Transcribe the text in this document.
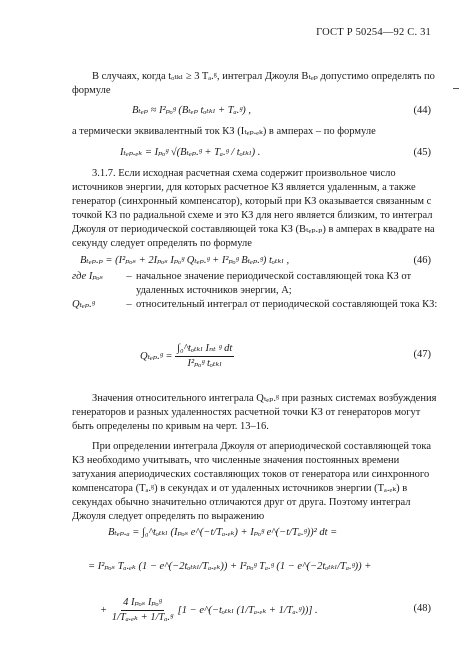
ГОСТ Р 50254—92 С. 31
В случаях, когда tₒₜₖₗ ≥ 3 Tₐ.ᵍ, интеграл Джоуля Bₜₑₚ допустимо определять по формуле
Bₜₑₚ ≈ I²ₚₒᵍ (Bₜₑₚ tₒₜₖₗ + Tₐ.ᵍ) ,	(44)
а термически эквивалентный ток КЗ (Iₜₑₚ.ₑₖ) в амперах – по формуле
Iₜₑₚ.ₑₖ = Iₚₒᵍ √(Bₜₑₚ.ᵍ + Tₐ.ᵍ / tₒₜₖₗ) .	(45)
3.1.7. Если исходная расчетная схема содержит произвольное число источников энергии, для которых расчетное КЗ является удаленным, а также генератор (синхронный компенсатор), который при КЗ оказывается связанным с точкой КЗ по радиальной схеме и это КЗ для него является близким, то интеграл Джоуля от периодической составляющей тока КЗ (Bₜₑₚ.ₚ) в амперах в квадрате на секунду следует определять по формуле
Bₜₑₚ.ₚ = (I²ₚₒₛ + 2Iₚₒₛ Iₚₒᵍ Qₜₑₚ.ᵍ + I²ₚₒᵍ Bₜₑₚ.ᵍ) tₒₜₖₗ ,	(46)
где Iₚₒₛ	– начальное значение периодической составляющей тока КЗ от удаленных источников энергии, А;
Qₜₑₚ.ᵍ	– относительный интеграл от периодической составляющей тока КЗ:
Qₜₑₚ.ᵍ = $\frac{\text{∫₀\textasciicircum{}tₒₜₖₗ Iₙₜ ᵍ dt}}{\text{I²ₚₒᵍ tₒₜₖₗ}}$	(47)
Значения относительного интеграла Qₜₑₚ.ᵍ при разных системах возбуждения генераторов и разных удаленностях расчетной точки КЗ от генераторов могут быть определены по кривым на черт. 13–16.
При определении интеграла Джоуля от апериодической составляющей тока КЗ необходимо учитывать, что численные значения постоянных времени затухания апериодических составляющих токов от генератора или синхронного компенсатора (Tₐ.ᵍ) в секундах и от удаленных источников энергии (Tₐ.ₑₖ) в секундах обычно значительно отличаются друг от друга. Поэтому интеграл Джоуля следует определять по выражению
Bₜₑₚ.ₐ = ∫₀^tₒₜₖₗ (Iₚₒₛ e^(−t/Tₐ.ₑₖ) + Iₚₒᵍ e^(−t/Tₐ.ᵍ))² dt =
= I²ₚₒₛ Tₐ.ₑₖ (1 − e^(−2tₒₜₖₗ/Tₐ.ₑₖ)) + I²ₚₒᵍ Tₐ.ᵍ (1 − e^(−2tₒₜₖₗ/Tₐ.ᵍ)) +
+ $\frac{\text{4 Iₚₒₛ Iₚₒᵍ}}{\text{1/Tₐ.ₑₖ + 1/Tₐ.ᵍ}} [1$ − e^(−tₒₜₖₗ (1/Tₐ.ₑₖ + 1/Tₐ.ᵍ))] .	(48)
